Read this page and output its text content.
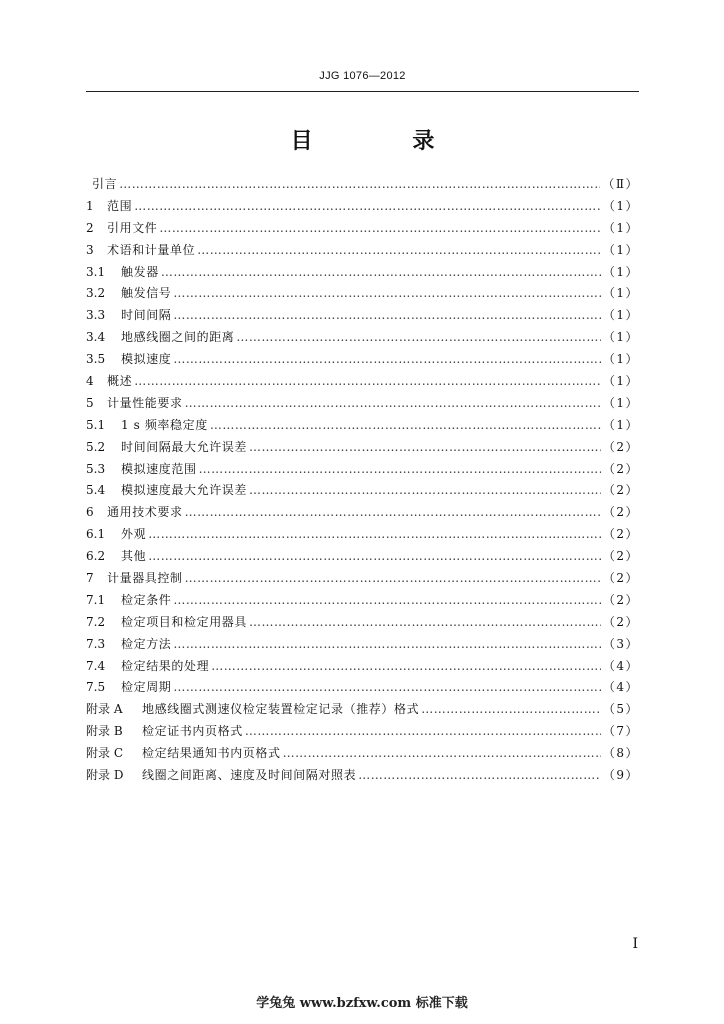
JJG 1076—2012
目 录
引言 ……………………………………………………………………………………………………………………………………………………………………………………………………	（Ⅱ）
1	范围 ……………………………………………………………………………………………………………………………………………………………………………………………………	（1）
2	引用文件 ……………………………………………………………………………………………………………………………………………………………………………………………………	（1）
3	术语和计量单位 ……………………………………………………………………………………………………………………………………………………………………………………………………	（1）
3.1	触发器 ……………………………………………………………………………………………………………………………………………………………………………………………………	（1）
3.2	触发信号 ……………………………………………………………………………………………………………………………………………………………………………………………………	（1）
3.3	时间间隔 ……………………………………………………………………………………………………………………………………………………………………………………………………	（1）
3.4	地感线圈之间的距离 ……………………………………………………………………………………………………………………………………………………………………………………………………	（1）
3.5	模拟速度 ……………………………………………………………………………………………………………………………………………………………………………………………………	（1）
4	概述 ……………………………………………………………………………………………………………………………………………………………………………………………………	（1）
5	计量性能要求 ……………………………………………………………………………………………………………………………………………………………………………………………………	（1）
5.1	1 s 频率稳定度 ……………………………………………………………………………………………………………………………………………………………………………………………………	（1）
5.2	时间间隔最大允许误差 ……………………………………………………………………………………………………………………………………………………………………………………………………	（2）
5.3	模拟速度范围 ……………………………………………………………………………………………………………………………………………………………………………………………………	（2）
5.4	模拟速度最大允许误差 ……………………………………………………………………………………………………………………………………………………………………………………………………	（2）
6	通用技术要求 ……………………………………………………………………………………………………………………………………………………………………………………………………	（2）
6.1	外观 ……………………………………………………………………………………………………………………………………………………………………………………………………	（2）
6.2	其他 ……………………………………………………………………………………………………………………………………………………………………………………………………	（2）
7	计量器具控制 ……………………………………………………………………………………………………………………………………………………………………………………………………	（2）
7.1	检定条件 ……………………………………………………………………………………………………………………………………………………………………………………………………	（2）
7.2	检定项目和检定用器具 ……………………………………………………………………………………………………………………………………………………………………………………………………	（2）
7.3	检定方法 ……………………………………………………………………………………………………………………………………………………………………………………………………	（3）
7.4	检定结果的处理 ……………………………………………………………………………………………………………………………………………………………………………………………………	（4）
7.5	检定周期 ……………………………………………………………………………………………………………………………………………………………………………………………………	（4）
附录 A	地感线圈式测速仪检定装置检定记录（推荐）格式 ……………………………………………………………………………………………………………………………………………………………………………………………………	（5）
附录 B	检定证书内页格式 ……………………………………………………………………………………………………………………………………………………………………………………………………	（7）
附录 C	检定结果通知书内页格式 ……………………………………………………………………………………………………………………………………………………………………………………………………	（8）
附录 D	线圈之间距离、速度及时间间隔对照表 ……………………………………………………………………………………………………………………………………………………………………………………………………	（9）
I
学兔兔 www.bzfxw.com 标准下载
